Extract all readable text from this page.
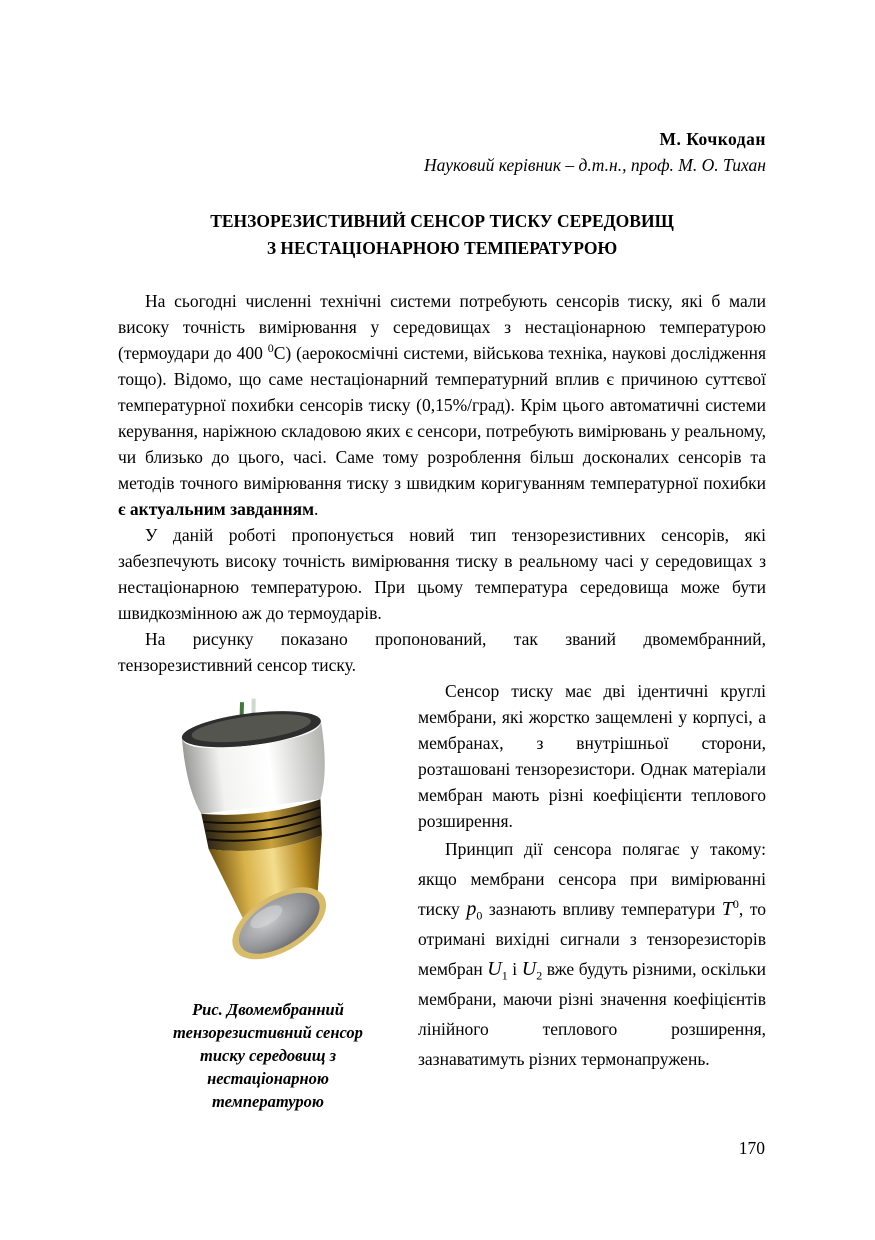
М. Кочкодан
Науковий керівник – д.т.н., проф. М. О. Тихан
ТЕНЗОРЕЗИСТИВНИЙ СЕНСОР ТИСКУ СЕРЕДОВИЩ
З НЕСТАЦІОНАРНОЮ ТЕМПЕРАТУРОЮ

На сьогодні численні технічні системи потребують сенсорів тиску, які б мали високу точність вимірювання у середовищах з нестаціонарною температурою (термоудари до 400 $^0$С) (аерокосмічні системи, військова техніка, наукові дослідження тощо). Відомо, що саме нестаціонарний температурний вплив є причиною суттєвої температурної похибки сенсорів тиску (0,15%/град). Крім цього автоматичні системи керування, наріжною складовою яких є сенсори, потребують вимірювань у реальному, чи близько до цього, часі. Саме тому розроблення більш досконалих сенсорів та методів точного вимірювання тиску з швидким коригуванням температурної похибки є актуальним завданням.

У даній роботі пропонується новий тип тензорезистивних сенсорів, які забезпечують високу точність вимірювання тиску в реальному часі у середовищах з нестаціонарною температурою. При цьому температура середовища може бути швидкозмінною аж до термоударів.

На рисунку показано пропонований, так званий двомембранний, тензорезистивний сенсор тиску.

Рис. Двомембранний тензорезистивний сенсор тиску середовищ з нестаціонарною температурою

Сенсор тиску має дві ідентичні круглі мембрани, які жорстко защемлені у корпусі, а мембранах, з внутрішньої сторони, розташовані тензорезистори. Однак матеріали мембран мають різні коефіцієнти теплового розширення.

Принцип дії сенсора полягає у такому: якщо мембрани сенсора при вимірюванні тиску $p_0$ зазнають впливу температури $T^0$, то отримані вихідні сигнали з тензорезисторів мембран $U_1$ і $U_2$ вже будуть різними, оскільки мембрани, маючи різні значення коефіцієнтів лінійного теплового розширення, зазнаватимуть різних термонапружень.

170
